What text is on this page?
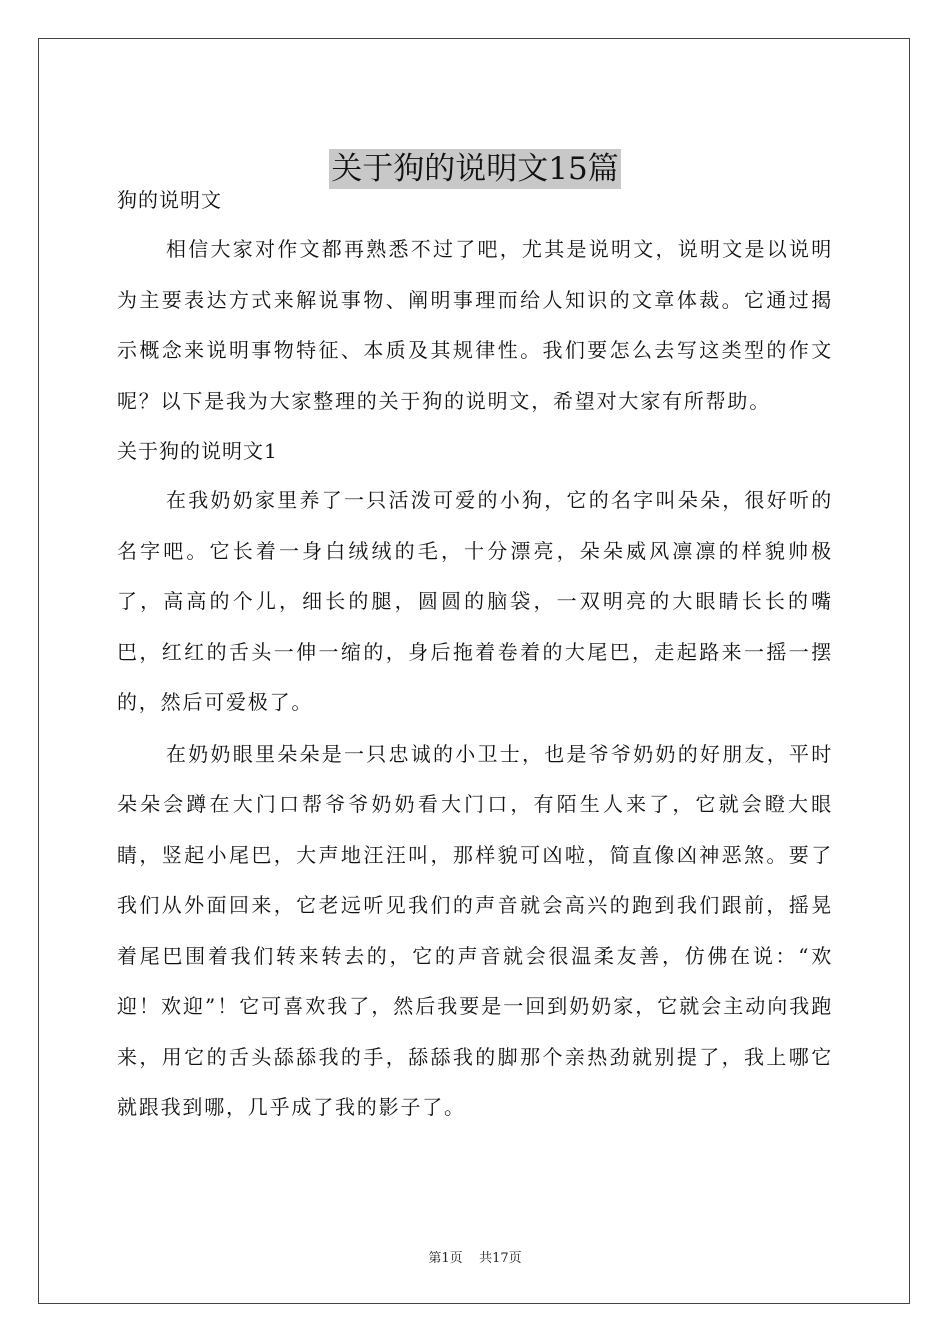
关于狗的说明文15篇

狗的说明文

相信大家对作文都再熟悉不过了吧，尤其是说明文，说明文是以说明为主要表达方式来解说事物、阐明事理而给人知识的文章体裁。它通过揭示概念来说明事物特征、本质及其规律性。我们要怎么去写这类型的作文呢？以下是我为大家整理的关于狗的说明文，希望对大家有所帮助。

关于狗的说明文1

在我奶奶家里养了一只活泼可爱的小狗，它的名字叫朵朵，很好听的名字吧。它长着一身白绒绒的毛，十分漂亮，朵朵威风凛凛的样貌帅极了，高高的个儿，细长的腿，圆圆的脑袋，一双明亮的大眼睛长长的嘴巴，红红的舌头一伸一缩的，身后拖着卷着的大尾巴，走起路来一摇一摆的，然后可爱极了。

在奶奶眼里朵朵是一只忠诚的小卫士，也是爷爷奶奶的好朋友，平时朵朵会蹲在大门口帮爷爷奶奶看大门口，有陌生人来了，它就会瞪大眼睛，竖起小尾巴，大声地汪汪叫，那样貌可凶啦，简直像凶神恶煞。要了我们从外面回来，它老远听见我们的声音就会高兴的跑到我们跟前，摇晃着尾巴围着我们转来转去的，它的声音就会很温柔友善，仿佛在说：“欢迎！欢迎”！它可喜欢我了，然后我要是一回到奶奶家，它就会主动向我跑来，用它的舌头舔舔我的手，舔舔我的脚那个亲热劲就别提了，我上哪它就跟我到哪，几乎成了我的影子了。

第1页 共17页
